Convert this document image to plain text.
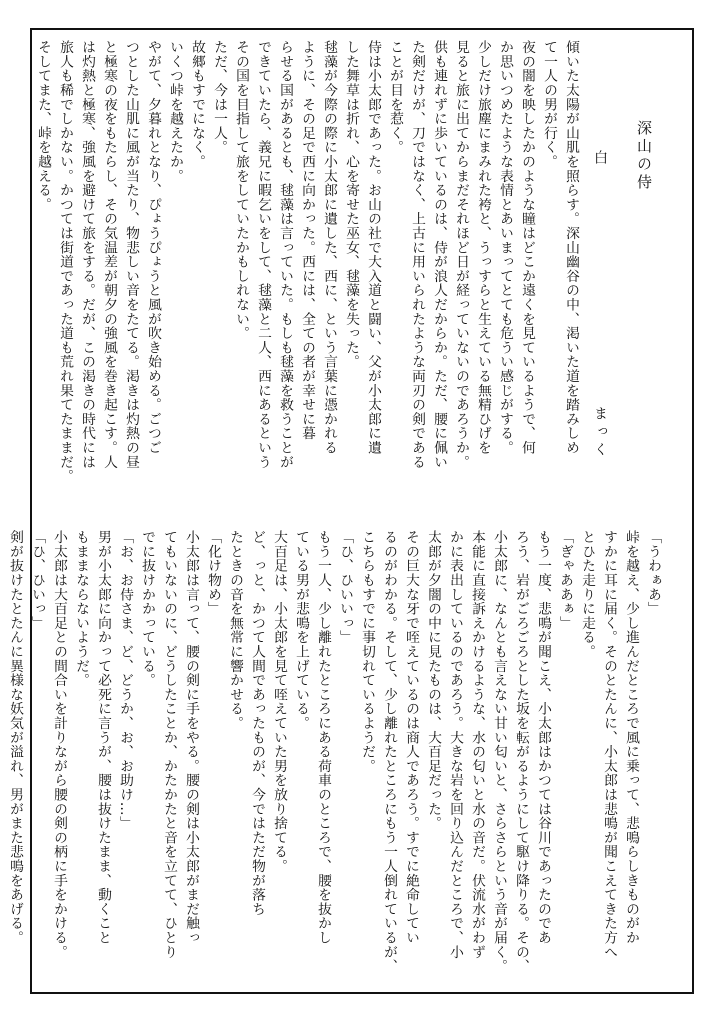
深山の侍
白
まっく
傾いた太陽が山肌を照らす。深山幽谷の中、渇いた道を踏みしめ
て一人の男が行く。
夜の闇を映したかのような瞳はどこか遠くを見ているようで、何
か思いつめたような表情とあいまってとても危うい感じがする。
少しだけ旅塵にまみれた袴と、うっすらと生えている無精ひげを
見ると旅に出てからまだそれほど日が経っていないのであろうか。
供も連れずに歩いているのは、侍が浪人だからか。ただ、腰に佩い
た剣だけが、刀ではなく、上古に用いられたような両刃の剣である
ことが目を惹く。
侍は小太郎であった。お山の社で大入道と闘い、父が小太郎に遺
した舞草は折れ、心を寄せた巫女、毬藻を失った。
毬藻が今際の際に小太郎に遺した、西に、という言葉に憑かれる
ように、その足で西に向かった。西には、全ての者が幸せに暮
らせる国があるとも、毬藻は言っていた。もしも毬藻を救うことが
できていたら、義兄に暇乞いをして、毬藻と二人、西にあるという
その国を目指して旅をしていたかもしれない。
ただ、今は一人。
故郷もすでになく。
いくつ峠を越えたか。
やがて、夕暮れとなり、ぴょうぴょうと風が吹き始める。ごつご
つとした山肌に風が当たり、物悲しい音をたてる。渇きは灼熱の昼
と極寒の夜をもたらし、その気温差が朝夕の強風を巻き起こす。人
は灼熱と極寒、強風を避けて旅をする。だが、この渇きの時代には
旅人も稀でしかない。かつては街道であった道も荒れ果てたままだ。
そしてまた、峠を越える。
「うわぁあ」
峠を越え、少し進んだところで風に乗って、悲鳴らしきものがか
すかに耳に届く。そのとたんに、小太郎は悲鳴が聞こえてきた方へ
とひた走りに走る。
「ぎゃああぁ」
もう一度、悲鳴が聞こえ、小太郎はかつては谷川であったのであ
ろう、岩がごろごろとした坂を転がるようにして駆け降りる。その、
小太郎に、なんとも言えない甘い匂いと、さらさらという音が届く。
本能に直接訴えかけるような、水の匂いと水の音だ。伏流水がわず
かに表出しているのであろう。大きな岩を回り込んだところで、小
太郎が夕闇の中に見たものは、大百足だった。
その巨大な牙で咥えているのは商人であろう。すでに絶命してい
るのがわかる。そして、少し離れたところにもう一人倒れているが、
こちらもすでに事切れているようだ。
「ひ、ひいいっ」
もう一人、少し離れたところにある荷車のところで、腰を抜かし
ている男が悲鳴を上げている。
大百足は、小太郎を見て咥えていた男を放り捨てる。
ど、っと、かつて人間であったものが、今ではただ物が落ち
たときの音を無常に響かせる。
「化け物め」
小太郎は言って、腰の剣に手をやる。腰の剣は小太郎がまだ触っ
てもいないのに、どうしたことか、かたかたと音を立てて、ひとり
でに抜けかかっている。
「お、お侍さま、ど、どうか、お、お助け…」
男が小太郎に向かって必死に言うが、腰は抜けたまま、動くこと
もままならないようだ。
小太郎は大百足との間合いを計りながら腰の剣の柄に手をかける。
「ひ、ひいっ」
剣が抜けたとたんに異様な妖気が溢れ、男がまた悲鳴をあげる。
